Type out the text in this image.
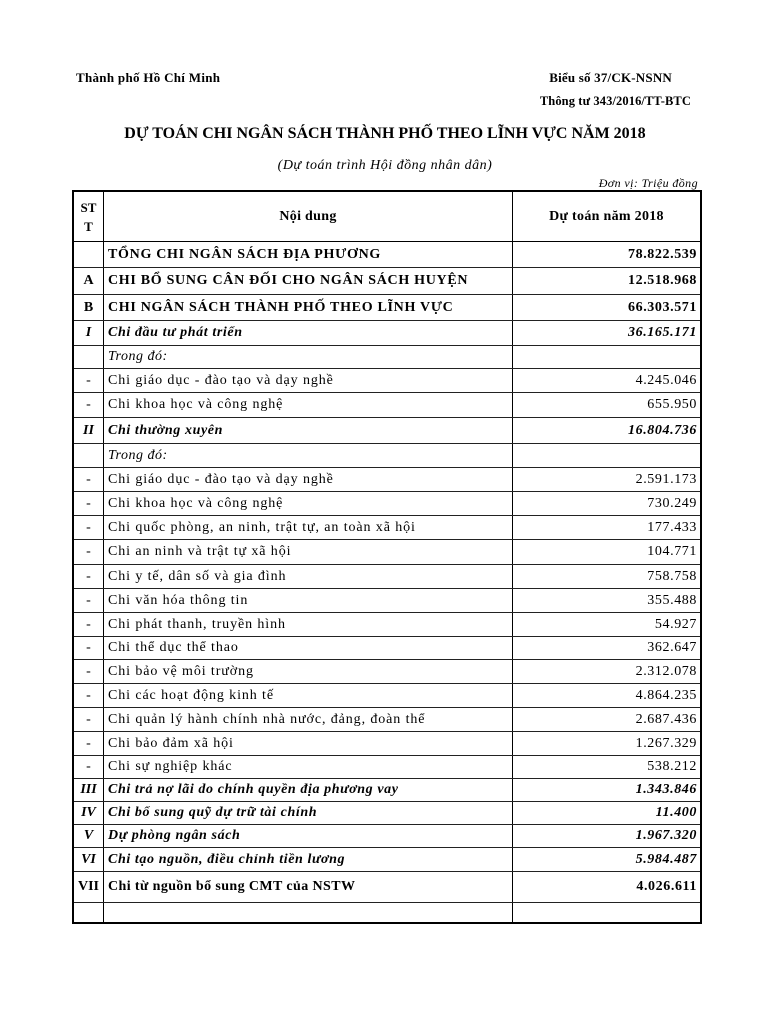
Thành phố Hồ Chí Minh	Biểu số 37/CK-NSNN
Thông tư 343/2016/TT-BTC
DỰ TOÁN CHI NGÂN SÁCH THÀNH PHỐ THEO LĨNH VỰC NĂM 2018
(Dự toán trình Hội đồng nhân dân)
Đơn vị: Triệu đồng
STT
Nội dung	Dự toán năm 2018
TỔNG CHI NGÂN SÁCH ĐỊA PHƯƠNG	78.822.539
A	CHI BỔ SUNG CÂN ĐỐI CHO NGÂN SÁCH HUYỆN	12.518.968
B	CHI NGÂN SÁCH THÀNH PHỐ THEO LĨNH VỰC	66.303.571
I	Chi đầu tư phát triển	36.165.171
Trong đó:
-	Chi giáo dục - đào tạo và dạy nghề	4.245.046
-	Chi khoa học và công nghệ	655.950
II	Chi thường xuyên	16.804.736
Trong đó:
-	Chi giáo dục - đào tạo và dạy nghề	2.591.173
-	Chi khoa học và công nghệ	730.249
-	Chi quốc phòng, an ninh, trật tự, an toàn xã hội	177.433
-	Chi an ninh và trật tự xã hội	104.771
-	Chi y tế, dân số và gia đình	758.758
-	Chi văn hóa thông tin	355.488
-	Chi phát thanh, truyền hình	54.927
-	Chi thể dục thể thao	362.647
-	Chi bảo vệ môi trường	2.312.078
-	Chi các hoạt động kinh tế	4.864.235
-	Chi quản lý hành chính nhà nước, đảng, đoàn thể	2.687.436
-	Chi bảo đảm xã hội	1.267.329
-	Chi sự nghiệp khác	538.212
III Chi trả nợ lãi do chính quyền địa phương vay	1.343.846
IV Chi bổ sung quỹ dự trữ tài chính	11.400
V	Dự phòng ngân sách	1.967.320
VI Chi tạo nguồn, điều chỉnh tiền lương	5.984.487
VII Chi từ nguồn bổ sung CMT của NSTW	4.026.611
